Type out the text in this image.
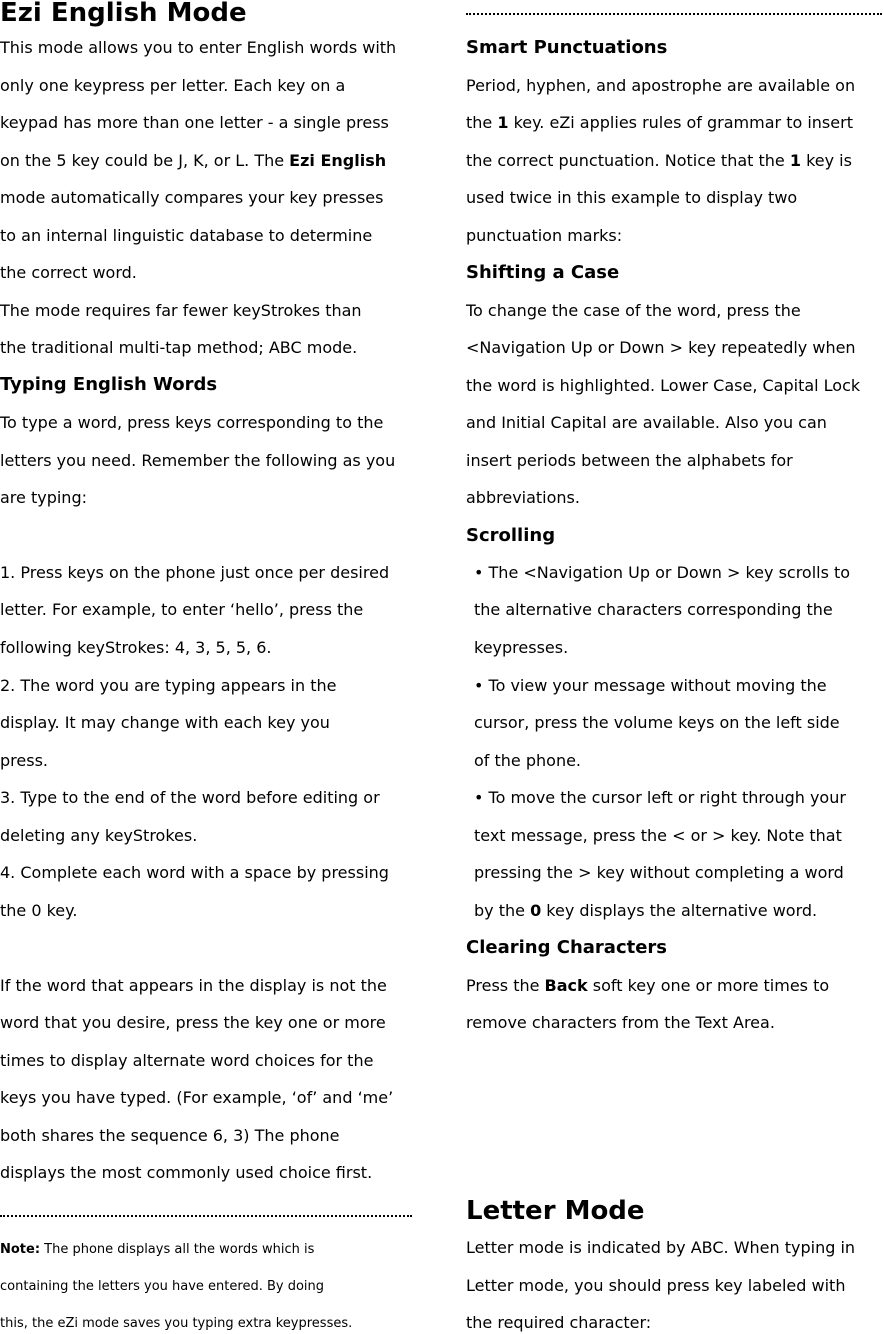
Ezi English Mode
This mode allows you to enter English words with
only one keypress per letter. Each key on a
keypad has more than one letter - a single press
on the 5 key could be J, K, or L. The Ezi English
mode automatically compares your key presses
to an internal linguistic database to determine
the correct word.
The mode requires far fewer keyStrokes than
the traditional multi-tap method; ABC mode.
Typing English Words
To type a word, press keys corresponding to the
letters you need. Remember the following as you
are typing:
1. Press keys on the phone just once per desired
letter. For example, to enter ‘hello’, press the
following keyStrokes: 4, 3, 5, 5, 6.
2. The word you are typing appears in the
display. It may change with each key you
press.
3. Type to the end of the word before editing or
deleting any keyStrokes.
4. Complete each word with a space by pressing
the 0 key.
If the word that appears in the display is not the
word that you desire, press the key one or more
times to display alternate word choices for the
keys you have typed. (For example, ‘of’ and ‘me’
both shares the sequence 6, 3) The phone
displays the most commonly used choice first.
Note: The phone displays all the words which is
containing the letters you have entered. By doing
this, the eZi mode saves you typing extra keypresses.
Smart Punctuations
Period, hyphen, and apostrophe are available on
the 1 key. eZi applies rules of grammar to insert
the correct punctuation. Notice that the 1 key is
used twice in this example to display two
punctuation marks:
Shifting a Case
To change the case of the word, press the
<Navigation Up or Down > key repeatedly when
the word is highlighted. Lower Case, Capital Lock
and Initial Capital are available. Also you can
insert periods between the alphabets for
abbreviations.
Scrolling
• The <Navigation Up or Down > key scrolls to
the alternative characters corresponding the
keypresses.
• To view your message without moving the
cursor, press the volume keys on the left side
of the phone.
• To move the cursor left or right through your
text message, press the < or > key. Note that
pressing the > key without completing a word
by the 0 key displays the alternative word.
Clearing Characters
Press the Back soft key one or more times to
remove characters from the Text Area.
Letter Mode
Letter mode is indicated by ABC. When typing in
Letter mode, you should press key labeled with
the required character:
